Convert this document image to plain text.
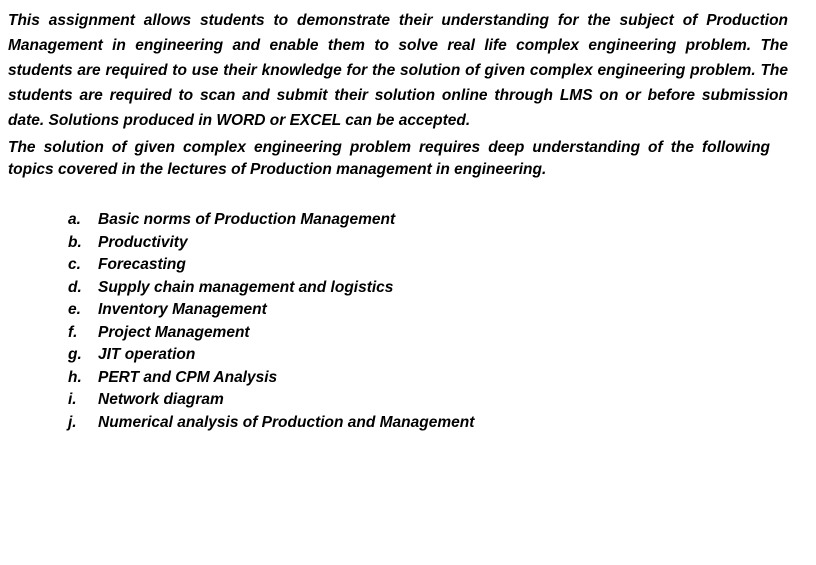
This assignment allows students to demonstrate their understanding for the subject of Production Management in engineering and enable them to solve real life complex engineering problem. The students are required to use their knowledge for the solution of given complex engineering problem. The students are required to scan and submit their solution online through LMS on or before submission date. Solutions produced in WORD or EXCEL can be accepted.

The solution of given complex engineering problem requires deep understanding of the following topics covered in the lectures of Production management in engineering.

a.	Basic norms of Production Management
b.	Productivity
c.	Forecasting
d.	Supply chain management and logistics
e.	Inventory Management
f.	Project Management
g.	JIT operation
h.	PERT and CPM Analysis
i.	Network diagram
j.	Numerical analysis of Production and Management
